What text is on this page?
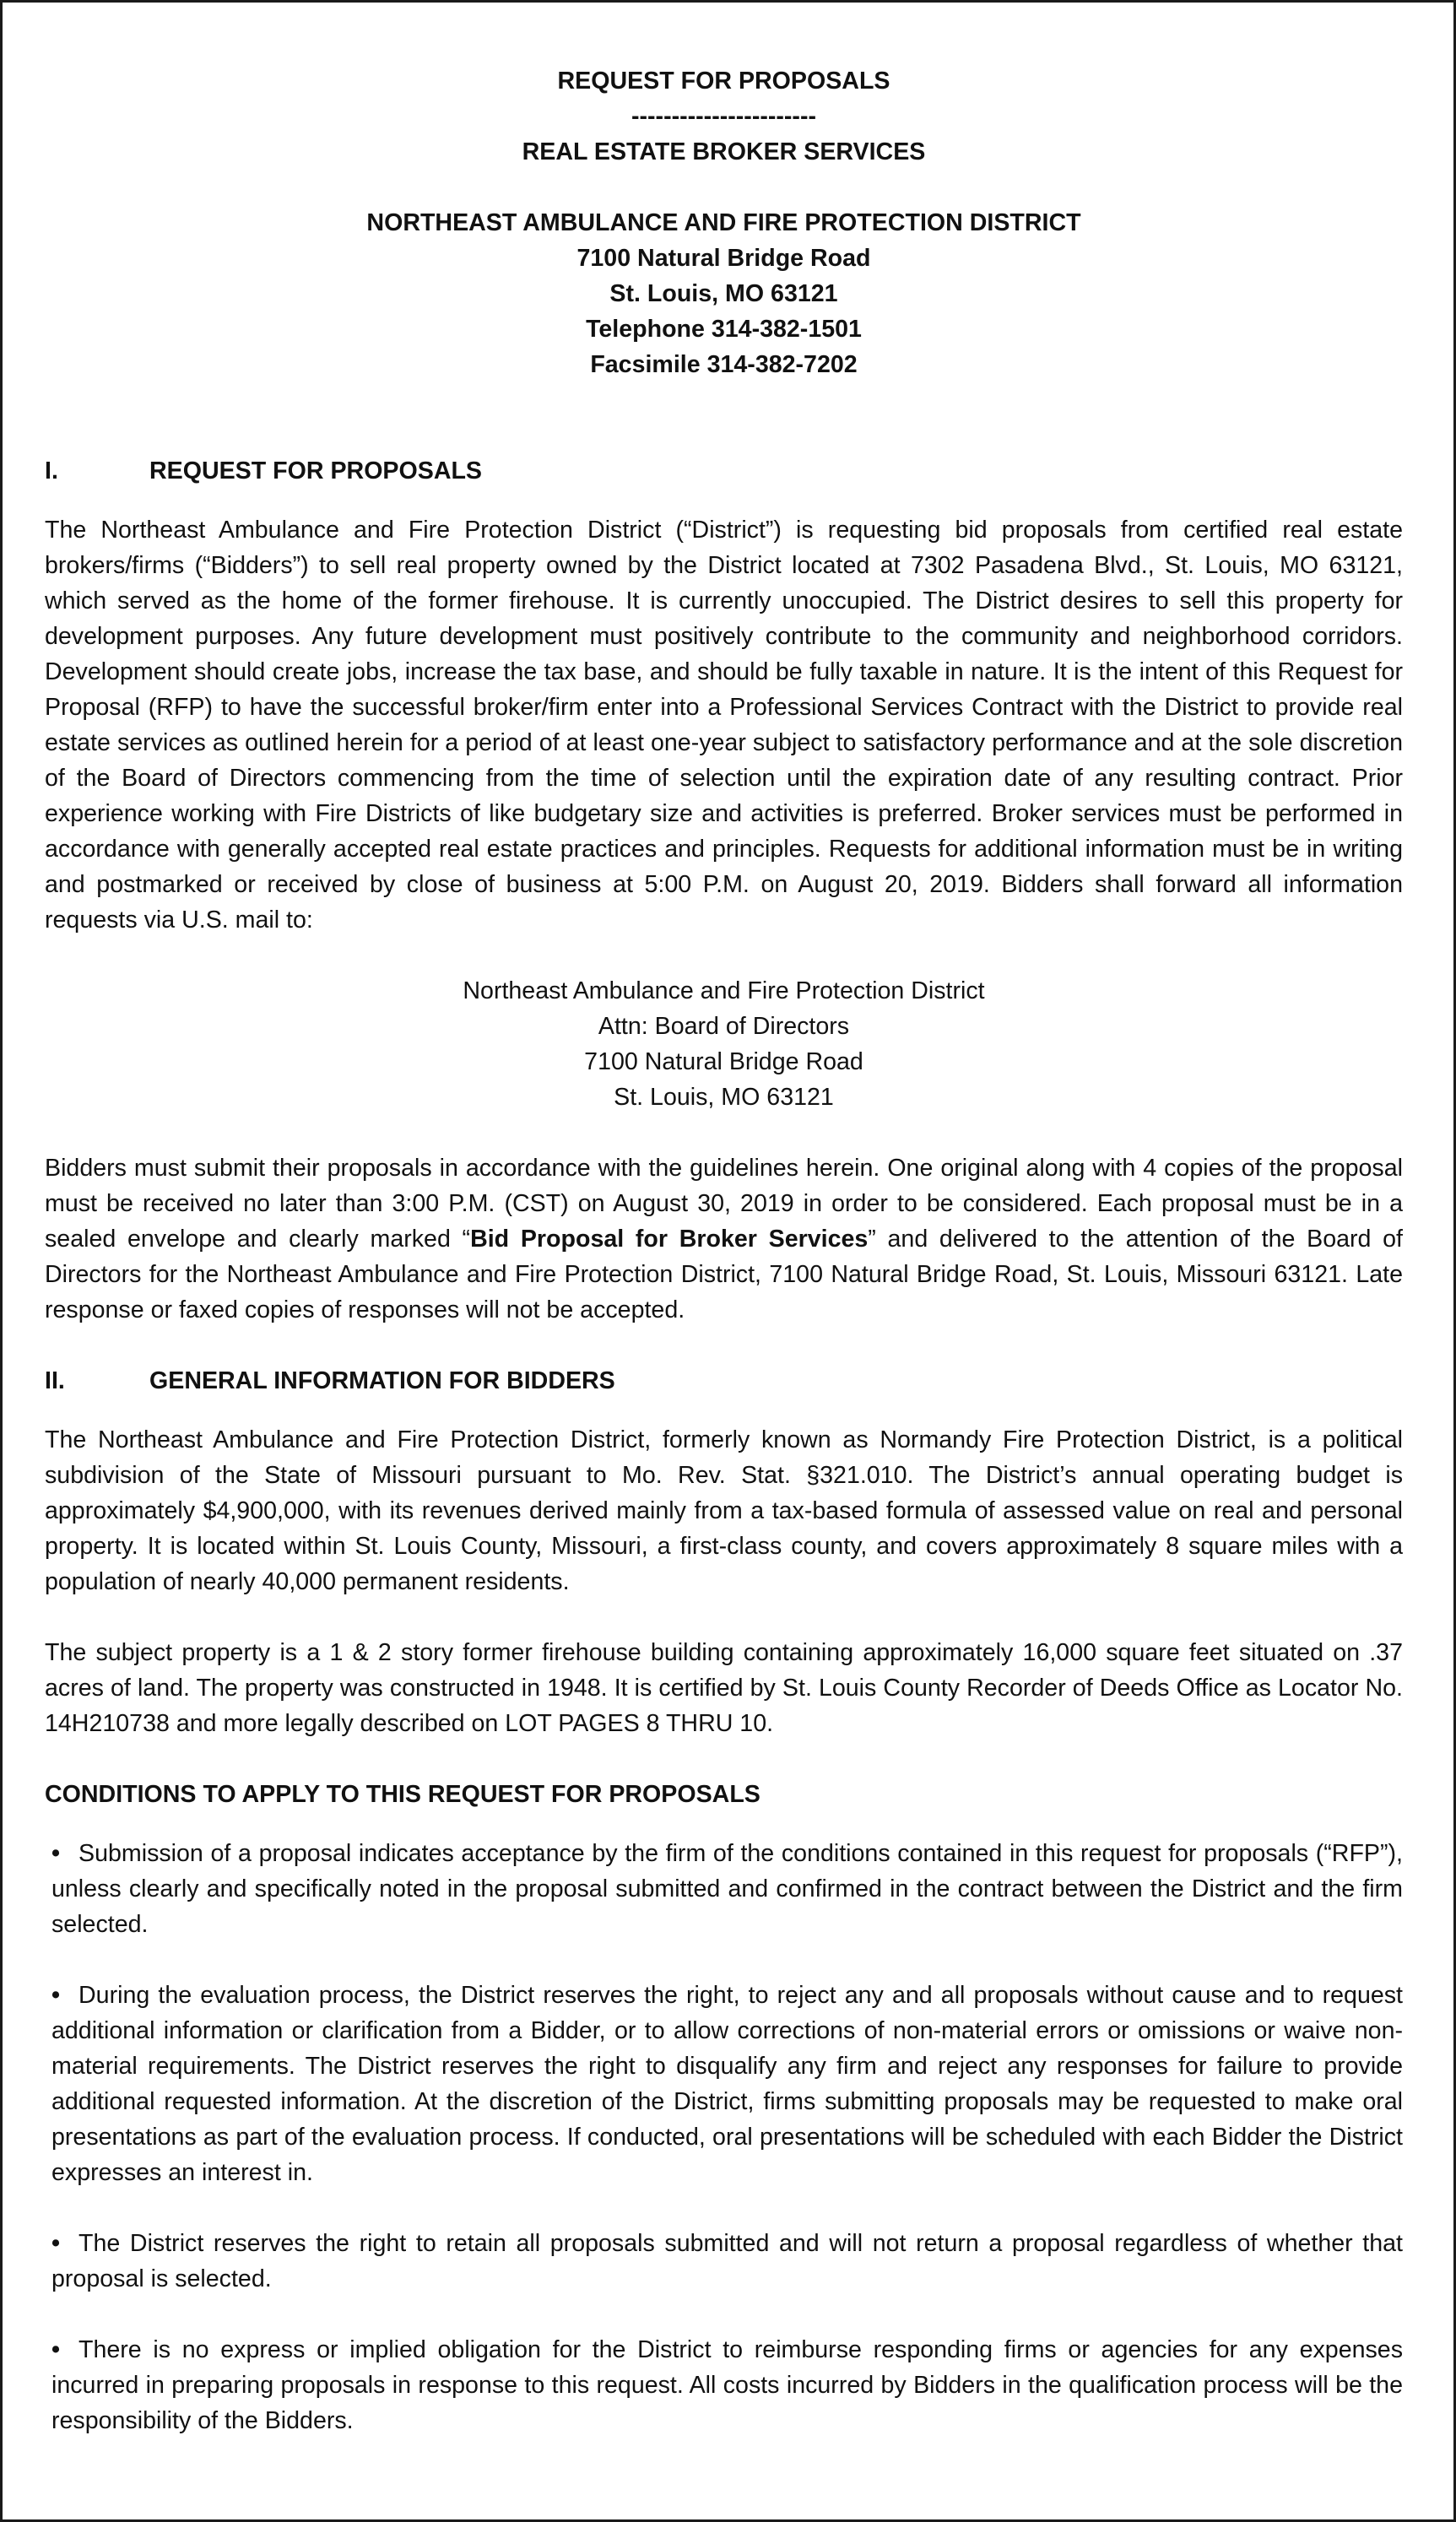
REQUEST FOR PROPOSALS
-----------------------
REAL ESTATE BROKER SERVICES
NORTHEAST AMBULANCE AND FIRE PROTECTION DISTRICT
7100 Natural Bridge Road
St. Louis, MO 63121
Telephone 314-382-1501
Facsimile 314-382-7202
I.	REQUEST FOR PROPOSALS

The Northeast Ambulance and Fire Protection District (“District”) is requesting bid proposals from certified real estate brokers/firms (“Bidders”) to sell real property owned by the District located at 7302 Pasadena Blvd., St. Louis, MO 63121, which served as the home of the former firehouse. It is currently unoccupied. The District desires to sell this property for development purposes. Any future development must positively contribute to the community and neighborhood corridors. Development should create jobs, increase the tax base, and should be fully taxable in nature. It is the intent of this Request for Proposal (RFP) to have the successful broker/firm enter into a Professional Services Contract with the District to provide real estate services as outlined herein for a period of at least one-year subject to satisfactory performance and at the sole discretion of the Board of Directors commencing from the time of selection until the expiration date of any resulting contract. Prior experience working with Fire Districts of like budgetary size and activities is preferred. Broker services must be performed in accordance with generally accepted real estate practices and principles. Requests for additional information must be in writing and postmarked or received by close of business at 5:00 P.M. on August 20, 2019. Bidders shall forward all information requests via U.S. mail to:

Northeast Ambulance and Fire Protection District
Attn: Board of Directors
7100 Natural Bridge Road
St. Louis, MO 63121

Bidders must submit their proposals in accordance with the guidelines herein. One original along with 4 copies of the proposal must be received no later than 3:00 P.M. (CST) on August 30, 2019 in order to be considered. Each proposal must be in a sealed envelope and clearly marked “Bid Proposal for Broker Services” and delivered to the attention of the Board of Directors for the Northeast Ambulance and Fire Protection District, 7100 Natural Bridge Road, St. Louis, Missouri 63121. Late response or faxed copies of responses will not be accepted.

II.	GENERAL INFORMATION FOR BIDDERS

The Northeast Ambulance and Fire Protection District, formerly known as Normandy Fire Protection District, is a political subdivision of the State of Missouri pursuant to Mo. Rev. Stat. §321.010. The District’s annual operating budget is approximately $4,900,000, with its revenues derived mainly from a tax-based formula of assessed value on real and personal property. It is located within St. Louis County, Missouri, a first-class county, and covers approximately 8 square miles with a population of nearly 40,000 permanent residents.

The subject property is a 1 & 2 story former firehouse building containing approximately 16,000 square feet situated on .37 acres of land. The property was constructed in 1948. It is certified by St. Louis County Recorder of Deeds Office as Locator No. 14H210738 and more legally described on LOT PAGES 8 THRU 10.

CONDITIONS TO APPLY TO THIS REQUEST FOR PROPOSALS

• Submission of a proposal indicates acceptance by the firm of the conditions contained in this request for proposals (“RFP”), unless clearly and specifically noted in the proposal submitted and confirmed in the contract between the District and the firm selected.

• During the evaluation process, the District reserves the right, to reject any and all proposals without cause and to request additional information or clarification from a Bidder, or to allow corrections of non-material errors or omissions or waive non-material requirements. The District reserves the right to disqualify any firm and reject any responses for failure to provide additional requested information. At the discretion of the District, firms submitting proposals may be requested to make oral presentations as part of the evaluation process. If conducted, oral presentations will be scheduled with each Bidder the District expresses an interest in.

• The District reserves the right to retain all proposals submitted and will not return a proposal regardless of whether that proposal is selected.

• There is no express or implied obligation for the District to reimburse responding firms or agencies for any expenses incurred in preparing proposals in response to this request. All costs incurred by Bidders in the qualification process will be the responsibility of the Bidders.
